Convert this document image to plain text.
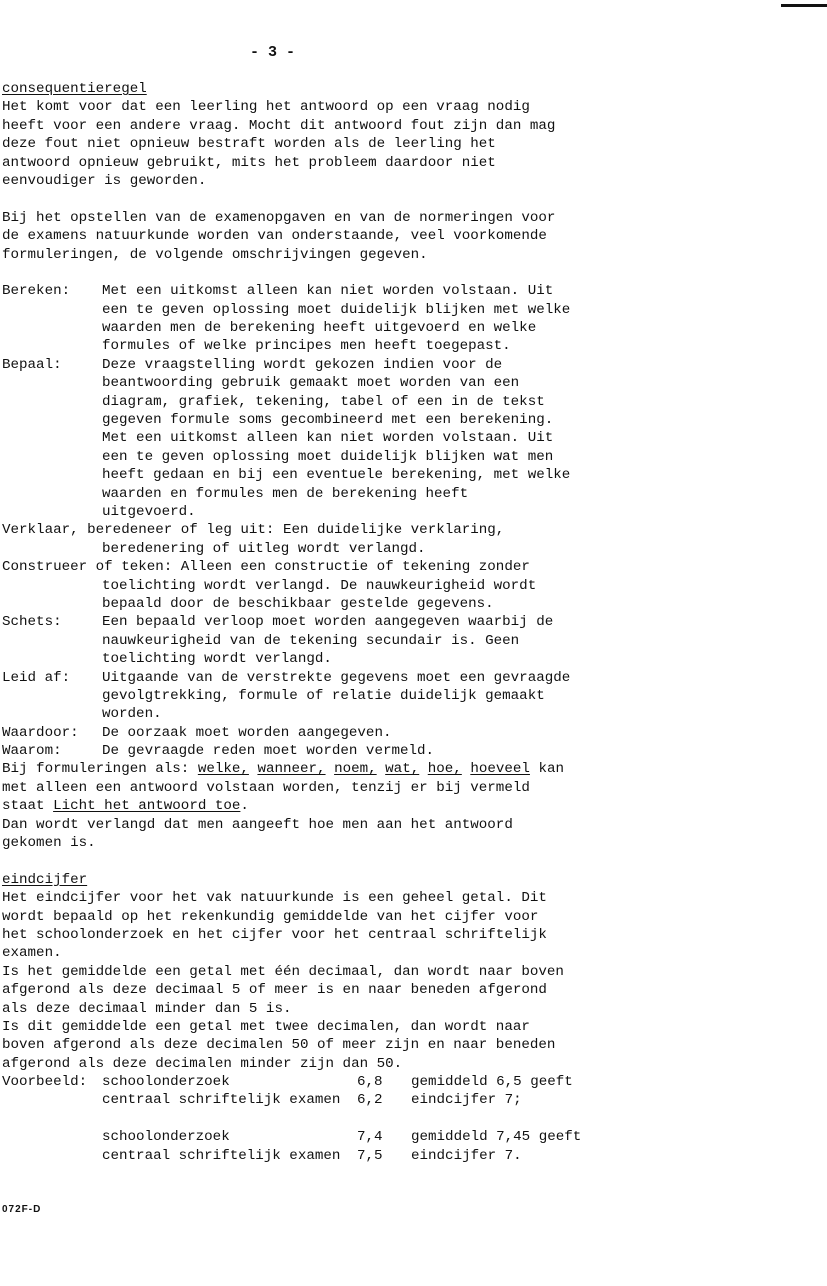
- 3 -
consequentieregel
Het komt voor dat een leerling het antwoord op een vraag nodig
heeft voor een andere vraag. Mocht dit antwoord fout zijn dan mag
deze fout niet opnieuw bestraft worden als de leerling het
antwoord opnieuw gebruikt, mits het probleem daardoor niet
eenvoudiger is geworden.
Bij het opstellen van de examenopgaven en van de normeringen voor
de examens natuurkunde worden van onderstaande, veel voorkomende
formuleringen, de volgende omschrijvingen gegeven.
Bereken: Met een uitkomst alleen kan niet worden volstaan. Uit
een te geven oplossing moet duidelijk blijken met welke
waarden men de berekening heeft uitgevoerd en welke
formules of welke principes men heeft toegepast.
Bepaal:	Deze vraagstelling wordt gekozen indien voor de
beantwoording gebruik gemaakt moet worden van een
diagram, grafiek, tekening, tabel of een in de tekst
gegeven formule soms gecombineerd met een berekening.
Met een uitkomst alleen kan niet worden volstaan. Uit
een te geven oplossing moet duidelijk blijken wat men
heeft gedaan en bij een eventuele berekening, met welke
waarden en formules men de berekening heeft
uitgevoerd.
Verklaar, beredeneer of leg uit: Een duidelijke verklaring,
beredenering of uitleg wordt verlangd.
Construeer of teken: Alleen een constructie of tekening zonder
toelichting wordt verlangd. De nauwkeurigheid wordt
bepaald door de beschikbaar gestelde gegevens.
Schets:	Een bepaald verloop moet worden aangegeven waarbij de
nauwkeurigheid van de tekening secundair is. Geen
toelichting wordt verlangd.
Leid af: Uitgaande van de verstrekte gegevens moet een gevraagde
gevolgtrekking, formule of relatie duidelijk gemaakt
worden.
Waardoor: De oorzaak moet worden aangegeven.
Waarom:	De gevraagde reden moet worden vermeld.
Bij formuleringen als: welke, wanneer, noem, wat, hoe, hoeveel kan
met alleen een antwoord volstaan worden, tenzij er bij vermeld
staat Licht het antwoord toe.
Dan wordt verlangd dat men aangeeft hoe men aan het antwoord
gekomen is.
eindcijfer
Het eindcijfer voor het vak natuurkunde is een geheel getal. Dit
wordt bepaald op het rekenkundig gemiddelde van het cijfer voor
het schoolonderzoek en het cijfer voor het centraal schriftelijk
examen.
Is het gemiddelde een getal met één decimaal, dan wordt naar boven
afgerond als deze decimaal 5 of meer is en naar beneden afgerond
als deze decimaal minder dan 5 is.
Is dit gemiddelde een getal met twee decimalen, dan wordt naar
boven afgerond als deze decimalen 50 of meer zijn en naar beneden
afgerond als deze decimalen minder zijn dan 50.
Voorbeeld: schoolonderzoek	6,8 gemiddeld 6,5 geeft
centraal schriftelijk examen 6,2 eindcijfer 7;
schoolonderzoek	7,4 gemiddeld 7,45 geeft
centraal schriftelijk examen 7,5 eindcijfer 7.
072F-D
